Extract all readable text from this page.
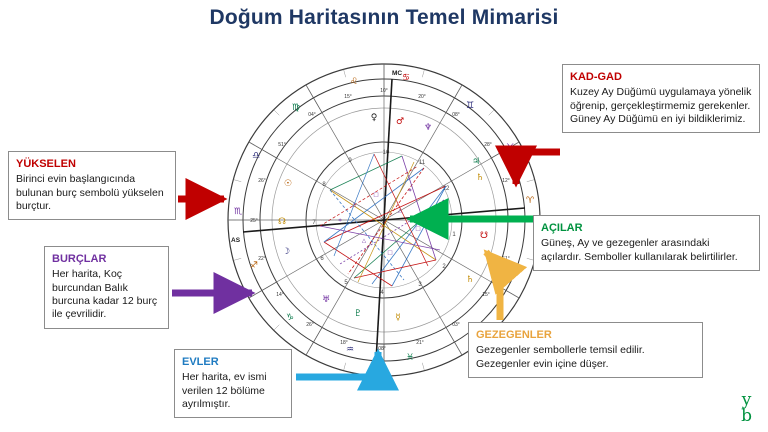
Doğum Haritasının Temel Mimarisi
♈
♉
♊
♋
♌
♍
♎
♏
♐
♑
♒
♓
10°
20°
08°
28°
12°
25°
51°
15°
03°
21°
08°
18°
26°
14°
22°
25°
26°
51°
04°
15°
1
2
3
4
5
6
7
8
9
10
11
12
♂
♆
♀
♃
♄
☉
☊
☽
♅
♇	☿
☋
♄
△
□
△
□
△
□
✶
✶
AS
MC
YÜKSELEN
Birinci evin başlangıcında bulunan burç sembolü yükselen burçtur.
BURÇLAR
Her harita, Koç burcundan Balık burcuna kadar 12 burç ile çevrilidir.
EVLER
Her harita, ev ismi verilen 12 bölüme ayrılmıştır.
KAD-GAD
Kuzey Ay Düğümü uygulamaya yönelik öğrenip, gerçekleştirmemiz gerekenler. Güney Ay Düğümü en iyi bildiklerimiz.
AÇILAR
Güneş, Ay ve gezegenler arasındaki açılardır. Semboller kullanılarak belirtilirler.
GEZEGENLER
Gezegenler sembollerle temsil edilir. Gezegenler evin içine düşer.
y
b
